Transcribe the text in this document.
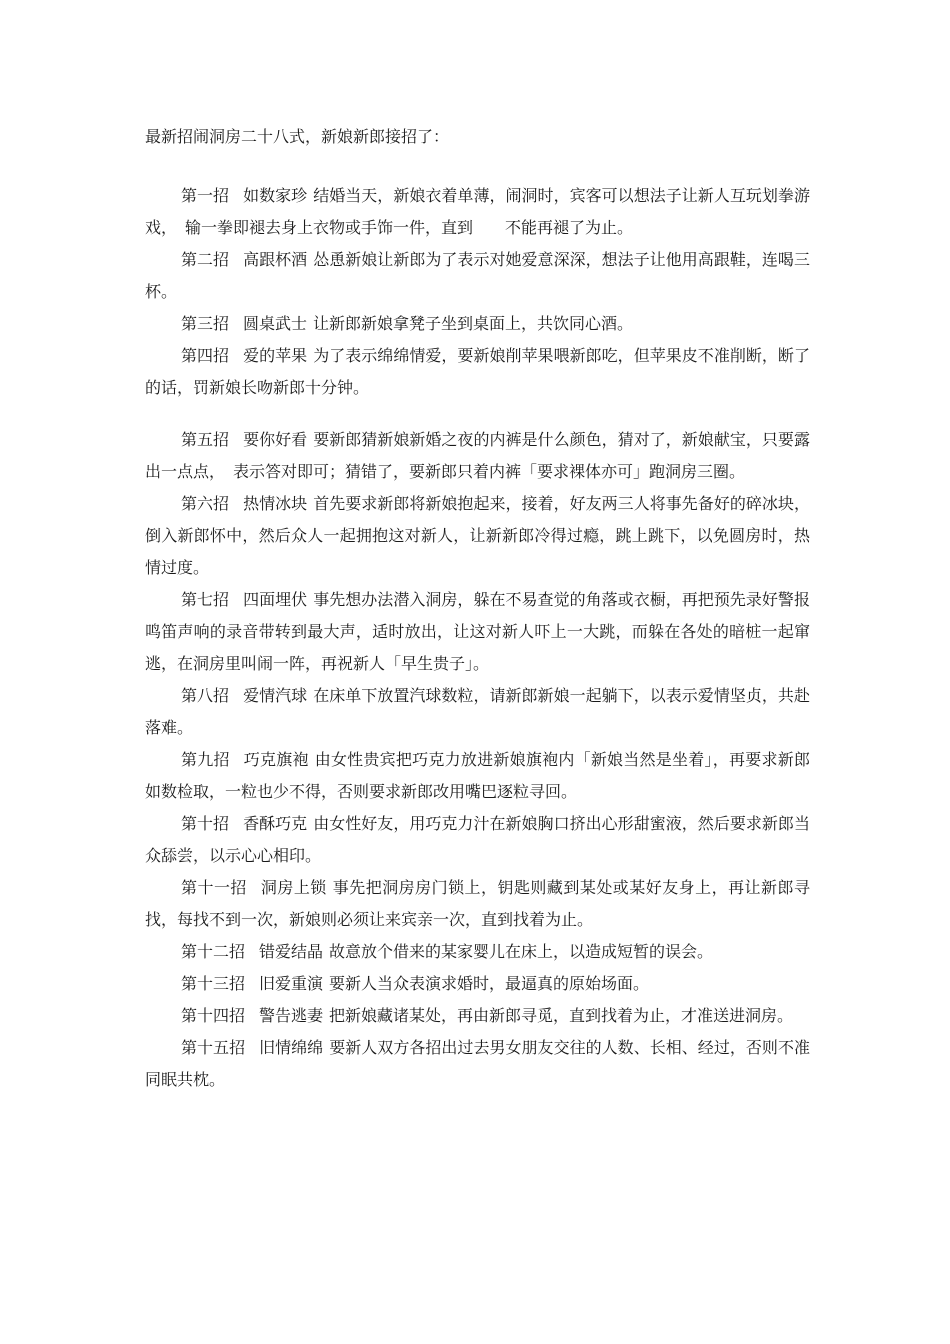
最新招闹洞房二十八式，新娘新郎接招了：

第一招 如数家珍 结婚当天，新娘衣着单薄，闹洞时，宾客可以想法子让新人互玩划拳游戏，　输一拳即褪去身上衣物或手饰一件，直到　　不能再褪了为止。

第二招 高跟杯酒 怂恿新娘让新郎为了表示对她爱意深深，想法子让他用高跟鞋，连喝三杯。

第三招 圆桌武士 让新郎新娘拿凳子坐到桌面上，共饮同心酒。

第四招 爱的苹果 为了表示绵绵情爱，要新娘削苹果喂新郎吃，但苹果皮不准削断，断了的话，罚新娘长吻新郎十分钟。

第五招 要你好看 要新郎猜新娘新婚之夜的内裤是什么颜色，猜对了，新娘献宝，只要露出一点点，　表示答对即可；猜错了，要新郎只着内裤「要求裸体亦可」跑洞房三圈。

第六招 热情冰块 首先要求新郎将新娘抱起来，接着，好友两三人将事先备好的碎冰块，倒入新郎怀中，然后众人一起拥抱这对新人，让新新郎冷得过瘾，跳上跳下，以免圆房时，热情过度。

第七招 四面埋伏 事先想办法潜入洞房，躲在不易查觉的角落或衣橱，再把预先录好警报鸣笛声响的录音带转到最大声，适时放出，让这对新人吓上一大跳，而躲在各处的暗桩一起窜逃，在洞房里叫闹一阵，再祝新人「早生贵子」。

第八招 爱情汽球 在床单下放置汽球数粒，请新郎新娘一起躺下，以表示爱情坚贞，共赴落难。

第九招 巧克旗袍 由女性贵宾把巧克力放进新娘旗袍内「新娘当然是坐着」，再要求新郎如数检取，一粒也少不得，否则要求新郎改用嘴巴逐粒寻回。

第十招 香酥巧克 由女性好友，用巧克力汁在新娘胸口挤出心形甜蜜液，然后要求新郎当众舔尝，以示心心相印。

第十一招 洞房上锁 事先把洞房房门锁上，钥匙则藏到某处或某好友身上，再让新郎寻找，每找不到一次，新娘则必须让来宾亲一次，直到找着为止。

第十二招 错爱结晶 故意放个借来的某家婴儿在床上，以造成短暂的误会。

第十三招 旧爱重演 要新人当众表演求婚时，最逼真的原始场面。

第十四招 警告逃妻 把新娘藏诸某处，再由新郎寻觅，直到找着为止，才准送进洞房。

第十五招 旧情绵绵 要新人双方各招出过去男女朋友交往的人数、长相、经过，否则不准同眠共枕。
